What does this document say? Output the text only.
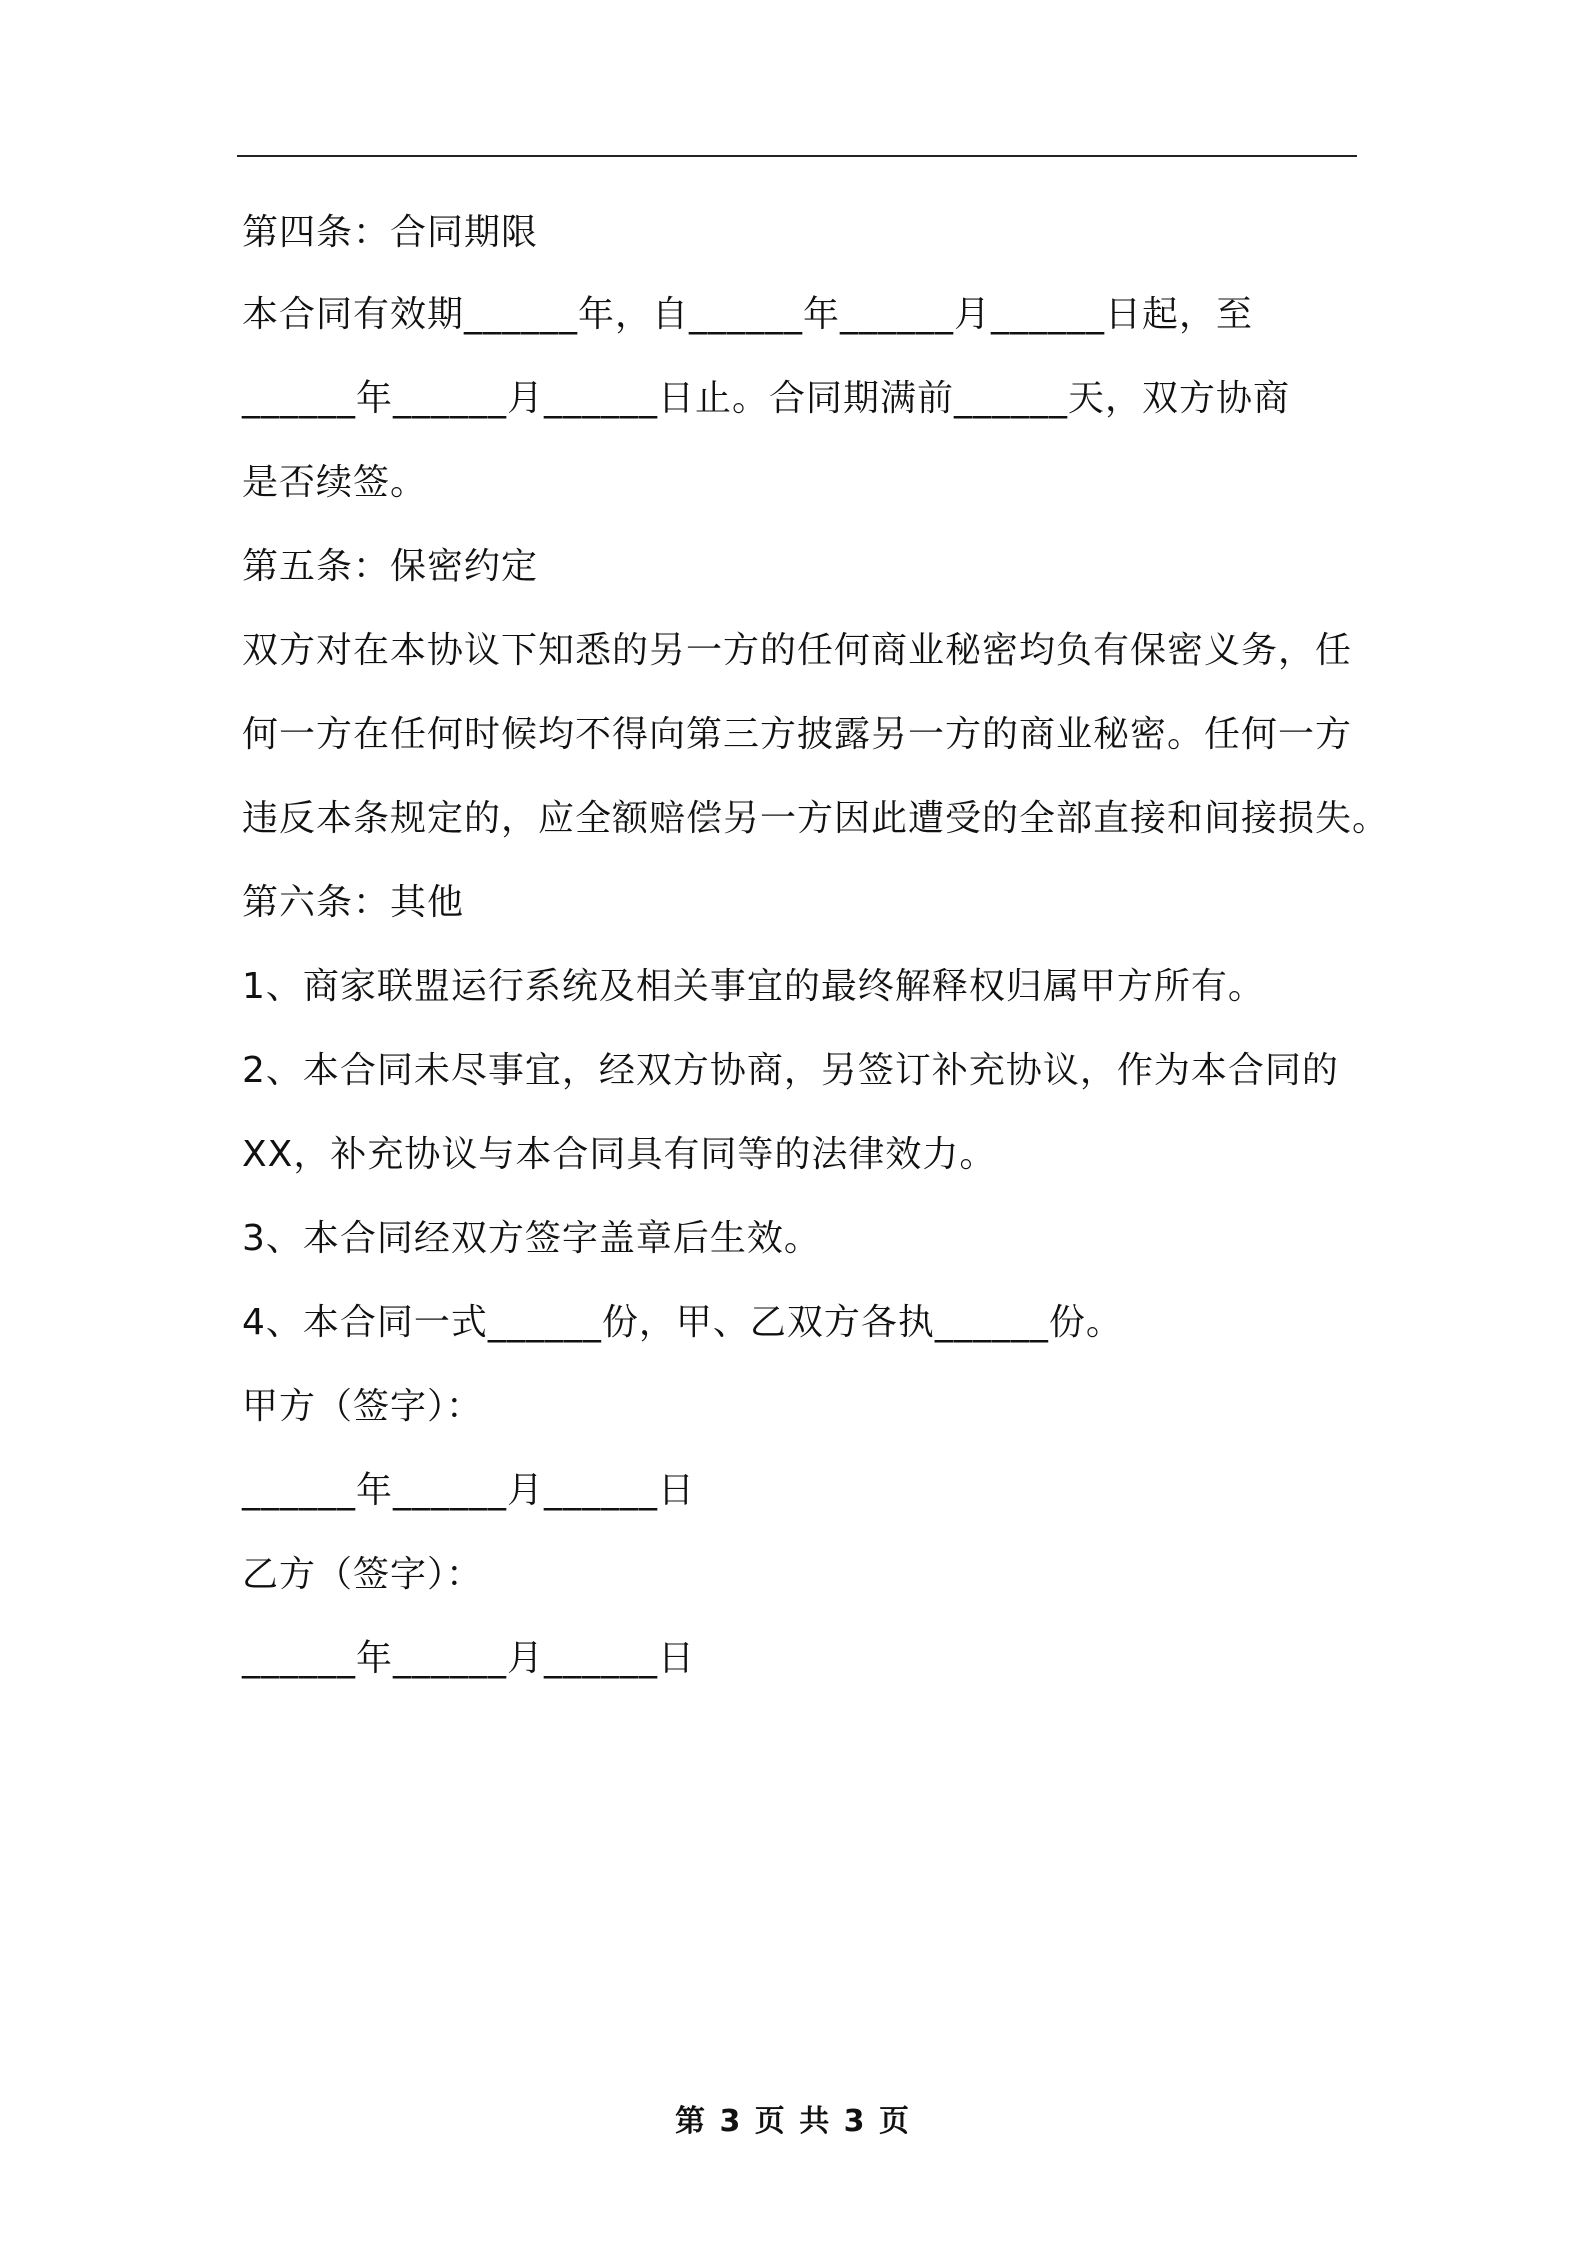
第四条：合同期限
本合同有效期______年，自______年______月______日起，至
______年______月______日止。合同期满前______天，双方协商
是否续签。
第五条：保密约定
双方对在本协议下知悉的另一方的任何商业秘密均负有保密义务，任
何一方在任何时候均不得向第三方披露另一方的商业秘密。任何一方
违反本条规定的，应全额赔偿另一方因此遭受的全部直接和间接损失。
第六条：其他
1、商家联盟运行系统及相关事宜的最终解释权归属甲方所有。
2、本合同未尽事宜，经双方协商，另签订补充协议，作为本合同的
XX，补充协议与本合同具有同等的法律效力。
3、本合同经双方签字盖章后生效。
4、本合同一式______份，甲、乙双方各执______份。
甲方（签字）：
______年______月______日
乙方（签字）：
______年______月______日
第 3 页 共 3 页
